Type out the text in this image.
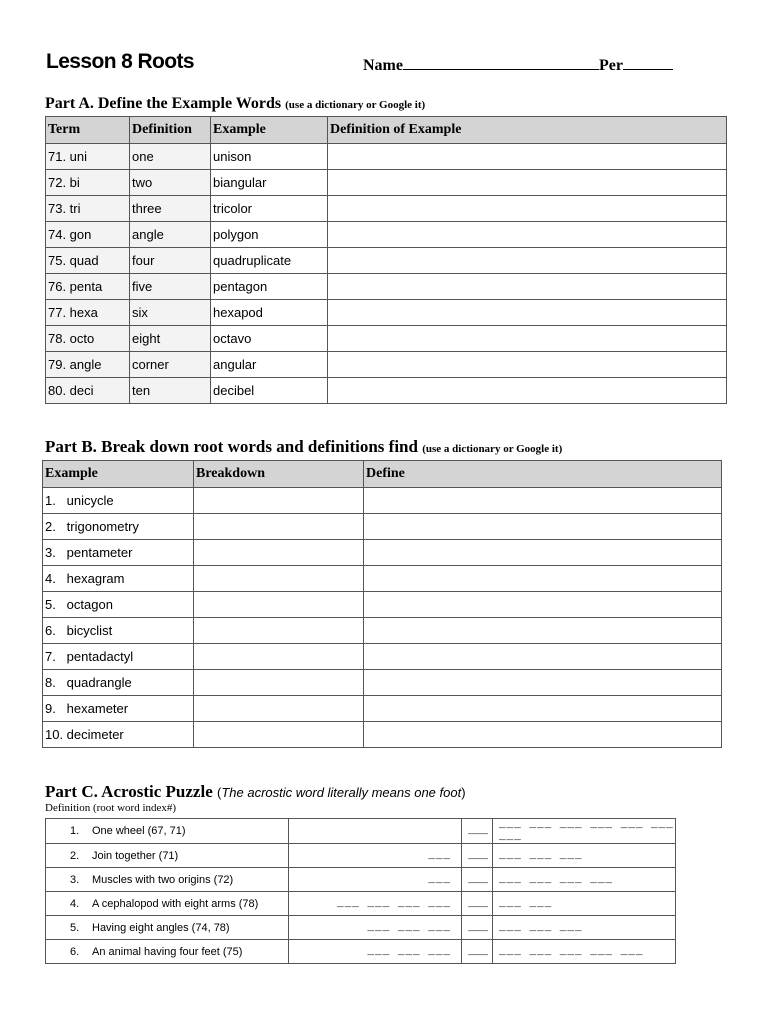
Lesson 8 Roots	Name	Per
Part A. Define the Example Words (use a dictionary or Google it)
Term	Definition	Example	Definition of Example
71. uni	one	unison	
72. bi	two	biangular	
73. tri	three	tricolor	
74. gon	angle	polygon	
75. quad	four	quadruplicate	
76. penta	five	pentagon	
77. hexa	six	hexapod	
78. octo	eight	octavo	
79. angle	corner	angular	
80. deci	ten	decibel	
Part B. Break down root words and definitions find (use a dictionary or Google it)
Example	Breakdown	Define
1.   unicycle		
2.   trigonometry		
3.   pentameter		
4.   hexagram		
5.   octagon		
6.   bicyclist		
7.   pentadactyl		
8.   quadrangle		
9.   hexameter		
10. decimeter		
Part C. Acrostic Puzzle (The acrostic word literally means one foot)
Definition (root word index#)
1. One wheel (67, 71)		___	___ ___ ___ ___ ___ ___ ___
2. Join together (71)	___	___	___ ___ ___
3. Muscles with two origins (72)	___	___	___ ___ ___ ___
4. A cephalopod with eight arms (78)	___ ___ ___ ___	___	___ ___
5. Having eight angles (74, 78)	___ ___ ___	___	___ ___ ___
6. An animal having four feet (75)	___ ___ ___	___	___ ___ ___ ___ ___
